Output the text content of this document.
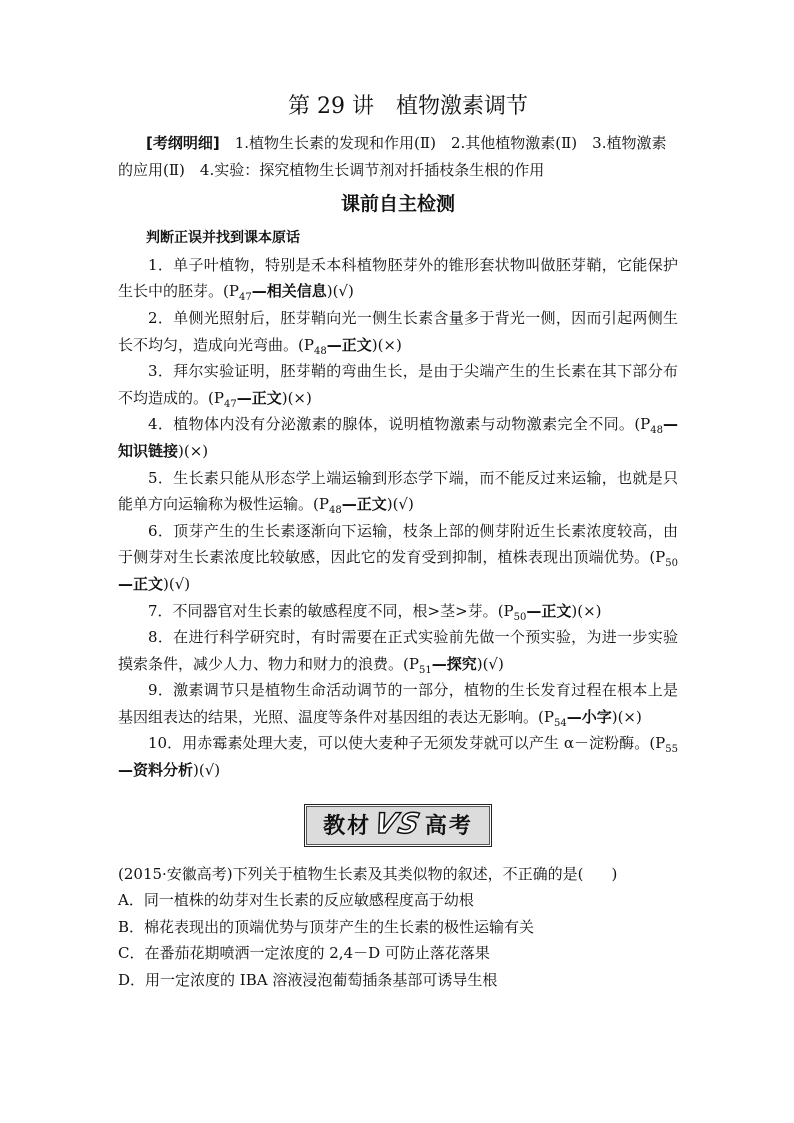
第 29 讲 植物激素调节

[考纲明细]　 1.植物生长素的发现和作用(Ⅱ)　2.其他植物激素(Ⅱ)　3.植物激素的应用(Ⅱ)　4.实验：探究植物生长调节剂对扦插枝条生根的作用

课前自主检测

判断正误并找到课本原话

1．单子叶植物，特别是禾本科植物胚芽外的锥形套状物叫做胚芽鞘，它能保护生长中的胚芽。($P_{47}—$相关信息)(√)

2．单侧光照射后，胚芽鞘向光一侧生长素含量多于背光一侧，因而引起两侧生长不均匀，造成向光弯曲。($P_{48}—$正文)(×)

3．拜尔实验证明，胚芽鞘的弯曲生长，是由于尖端产生的生长素在其下部分布不均造成的。($P_{47}—$正文)(×)

4．植物体内没有分泌激素的腺体，说明植物激素与动物激素完全不同。($P_{48}—$知识链接)(×)

5．生长素只能从形态学上端运输到形态学下端，而不能反过来运输，也就是只能单方向运输称为极性运输。($P_{48}—$正文)(√)

6．顶芽产生的生长素逐渐向下运输，枝条上部的侧芽附近生长素浓度较高，由于侧芽对生长素浓度比较敏感，因此它的发育受到抑制，植株表现出顶端优势。($P_{50}—$正文)(√)

7．不同器官对生长素的敏感程度不同，根>茎>芽。($P_{50}—$正文)(×)

8．在进行科学研究时，有时需要在正式实验前先做一个预实验，为进一步实验摸索条件，减少人力、物力和财力的浪费。($P_{51}—$探究)(√)

9．激素调节只是植物生命活动调节的一部分，植物的生长发育过程在根本上是基因组表达的结果，光照、温度等条件对基因组的表达无影响。($P_{54}—$小字)(×)

10．用赤霉素处理大麦，可以使大麦种子无须发芽就可以产生 α－淀粉酶。($P_{55}—$资料分析)(√)

教材VS高考

(2015·安徽高考)下列关于植物生长素及其类似物的叙述，不正确的是( )

A．同一植株的幼芽对生长素的反应敏感程度高于幼根

B．棉花表现出的顶端优势与顶芽产生的生长素的极性运输有关

C．在番茄花期喷洒一定浓度的 2,4－D 可防止落花落果

D．用一定浓度的 IBA 溶液浸泡葡萄插条基部可诱导生根
